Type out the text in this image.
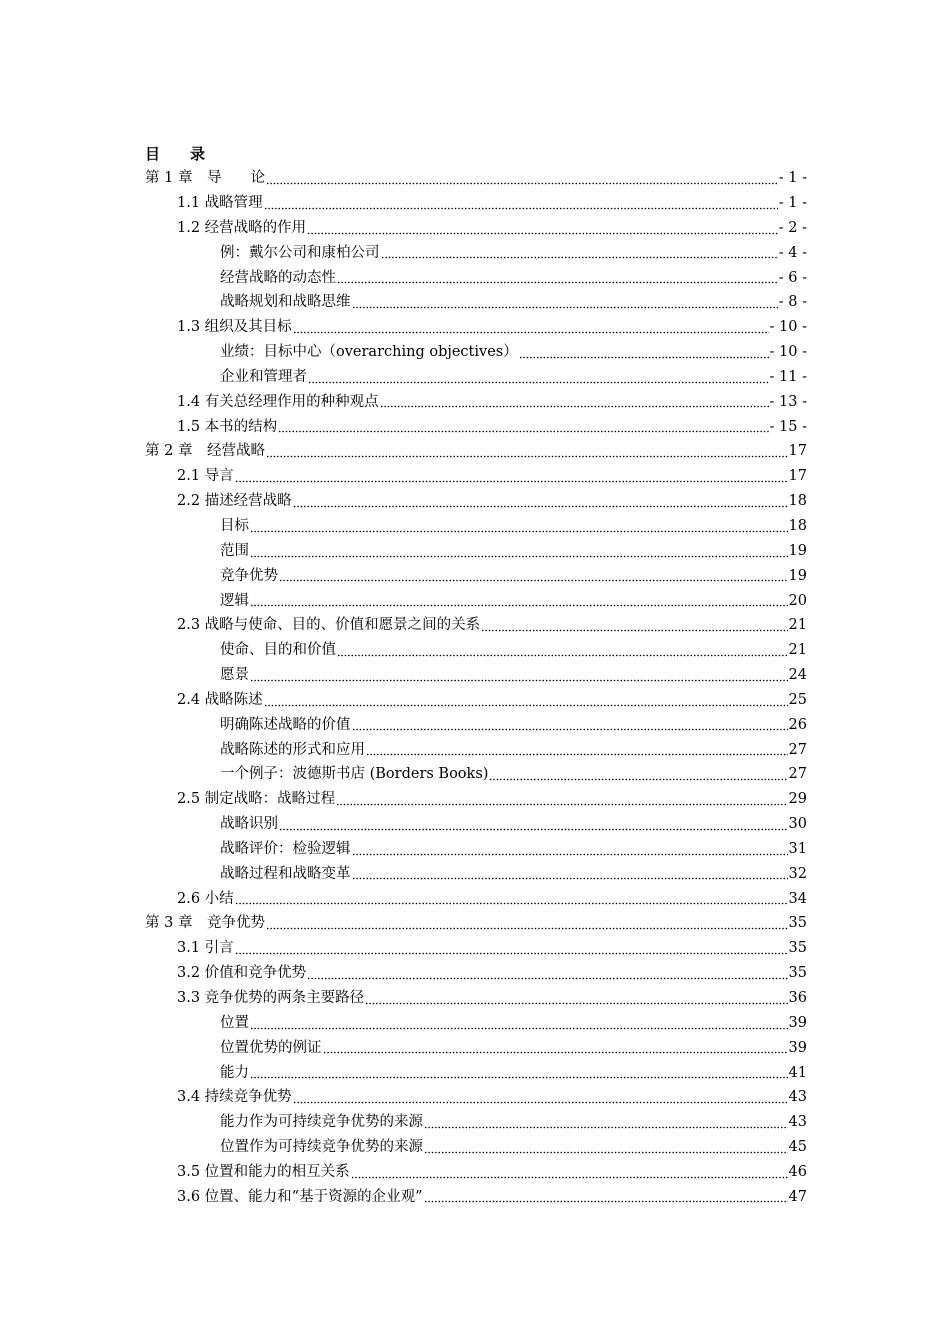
目　　录
第 1 章　导　　论	- 1 -
1.1 战略管理	- 1 -
1.2 经营战略的作用	- 2 -
例：戴尔公司和康柏公司	- 4 -
经营战略的动态性	- 6 -
战略规划和战略思维	- 8 -
1.3 组织及其目标	- 10 -
业绩：目标中心（overarching objectives）	- 10 -
企业和管理者	- 11 -
1.4 有关总经理作用的种种观点	- 13 -
1.5 本书的结构	- 15 -
第 2 章　经营战略	17
2.1 导言	17
2.2 描述经营战略	18
目标	18
范围	19
竞争优势	19
逻辑	20
2.3 战略与使命、目的、价值和愿景之间的关系	21
使命、目的和价值	21
愿景	24
2.4 战略陈述	25
明确陈述战略的价值	26
战略陈述的形式和应用	27
一个例子：波德斯书店 (Borders Books)	27
2.5 制定战略：战略过程	29
战略识别	30
战略评价：检验逻辑	31
战略过程和战略变革	32
2.6 小结	34
第 3 章　竞争优势	35
3.1 引言	35
3.2 价值和竞争优势	35
3.3 竞争优势的两条主要路径	36
位置	39
位置优势的例证	39
能力	41
3.4 持续竞争优势	43
能力作为可持续竞争优势的来源	43
位置作为可持续竞争优势的来源	45
3.5 位置和能力的相互关系	46
3.6 位置、能力和“基于资源的企业观”	47
